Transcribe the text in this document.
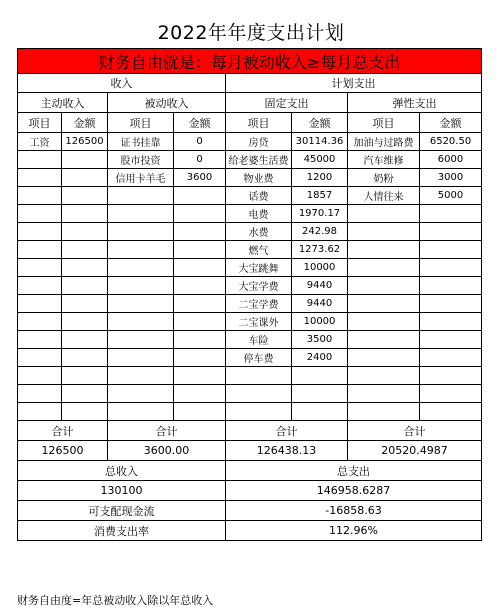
2022年年度支出计划
财务自由就是：每月被动收入≥每月总支出							
收入				计划支出			
主动收入		被动收入		固定支出		弹性支出	
项目	金额	项目	金额	项目	金额	项目	金额
工资	126500	证书挂靠	0	房贷	30114.36	加油与过路费	6520.50
		股市投资	0	给老婆生活费	45000	汽车维修	6000
		信用卡羊毛	3600	物业费	1200	奶粉	3000
				话费	1857	人情往来	5000
				电费	1970.17		
				水费	242.98		
				燃气	1273.62		
				大宝跳舞	10000		
				大宝学费	9440		
				二宝学费	9440		
				二宝课外	10000		
				车险	3500		
				停车费	2400		

合计		合计		合计		合计	
126500		3600.00		126438.13		20520.4987	
总收入				总支出			
130100				146958.6287			
可支配现金流				-16858.63			
消费支出率				112.96%			
财务自由度=年总被动收入除以年总收入
